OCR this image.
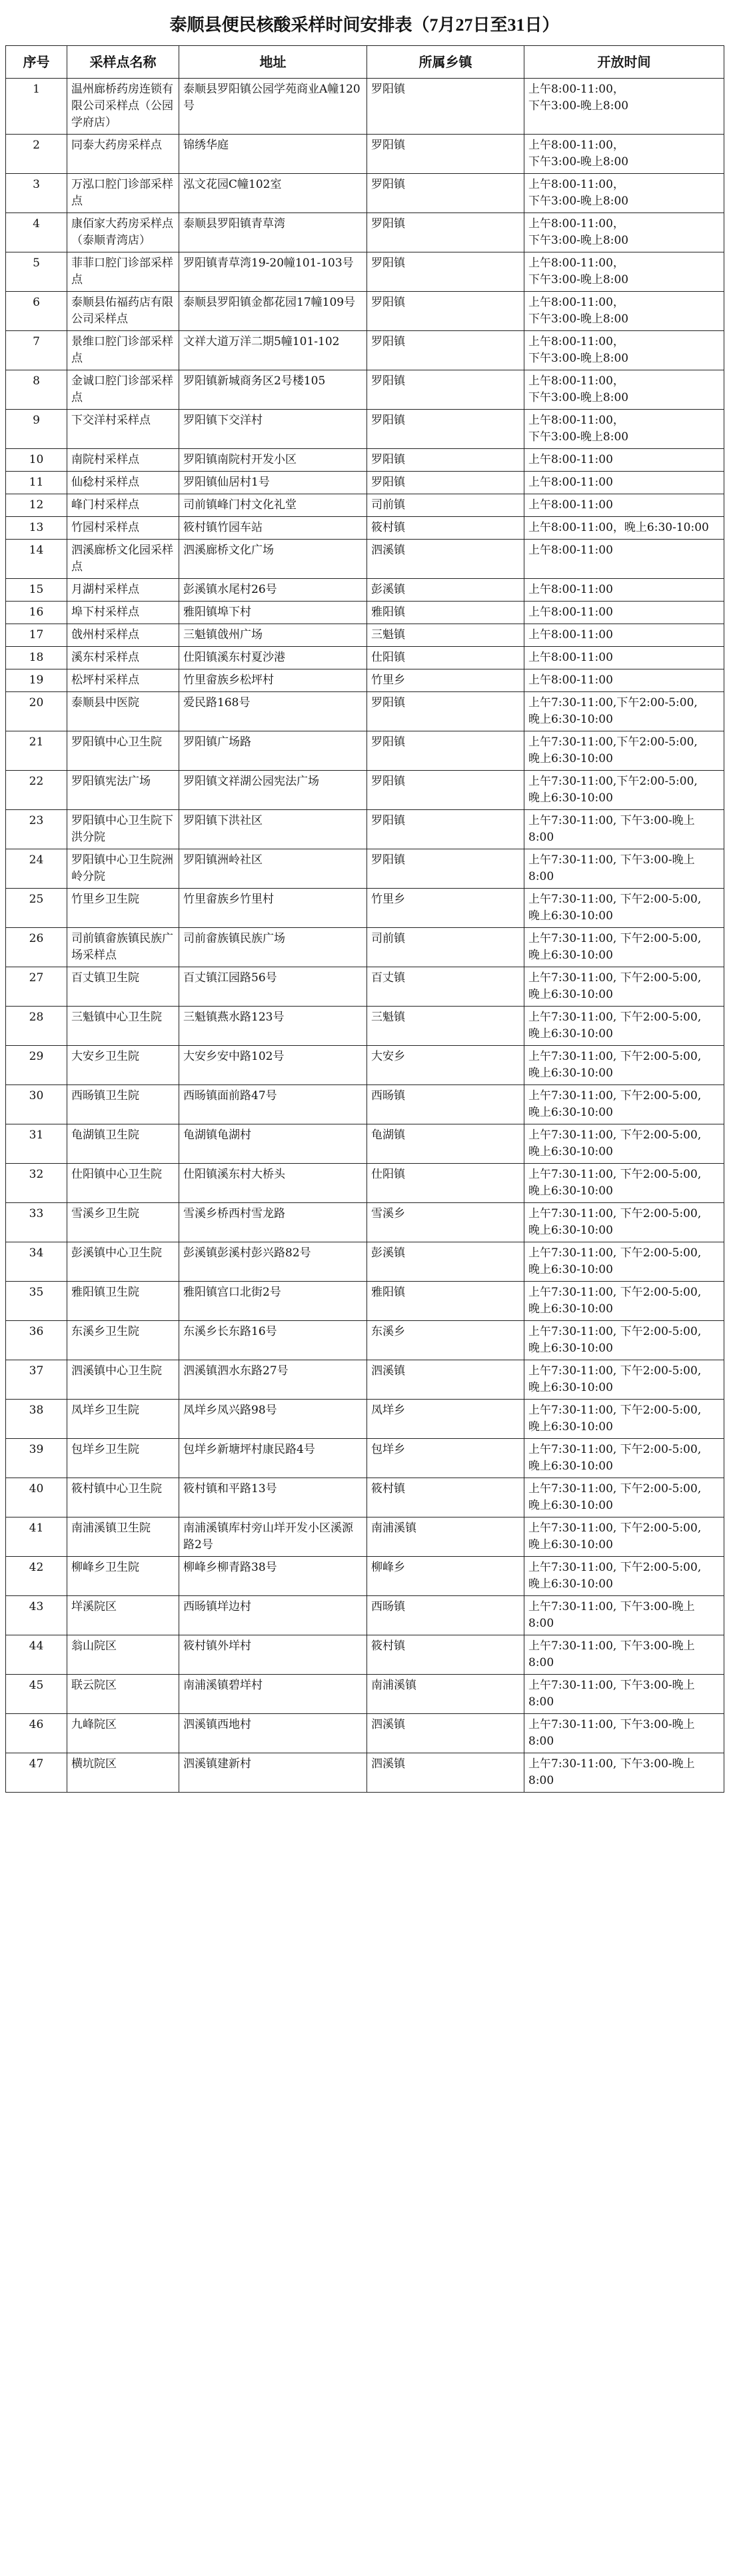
泰顺县便民核酸采样时间安排表（7月27日至31日）
序号	采样点名称	地址	所属乡镇	开放时间
1	温州廊桥药房连锁有限公司采样点（公园学府店）	泰顺县罗阳镇公园学苑商业A幢120号	罗阳镇	上午8:00-11:00，
下午3:00-晚上8:00
2	同泰大药房采样点	锦绣华庭	罗阳镇	上午8:00-11:00，
下午3:00-晚上8:00
3	万泓口腔门诊部采样点	泓文花园C幢102室	罗阳镇	上午8:00-11:00，
下午3:00-晚上8:00
4	康佰家大药房采样点（泰顺青湾店）	泰顺县罗阳镇青草湾	罗阳镇	上午8:00-11:00，
下午3:00-晚上8:00
5	菲菲口腔门诊部采样点	罗阳镇青草湾19-20幢101-103号	罗阳镇	上午8:00-11:00，
下午3:00-晚上8:00
6	泰顺县佑福药店有限公司采样点	泰顺县罗阳镇金都花园17幢109号	罗阳镇	上午8:00-11:00，
下午3:00-晚上8:00
7	景维口腔门诊部采样点	文祥大道万洋二期5幢101-102	罗阳镇	上午8:00-11:00，
下午3:00-晚上8:00
8	金诚口腔门诊部采样点	罗阳镇新城商务区2号楼105	罗阳镇	上午8:00-11:00，
下午3:00-晚上8:00
9	下交洋村采样点	罗阳镇下交洋村	罗阳镇	上午8:00-11:00，
下午3:00-晚上8:00
10	南院村采样点	罗阳镇南院村开发小区	罗阳镇	上午8:00-11:00
11	仙稔村采样点	罗阳镇仙居村1号	罗阳镇	上午8:00-11:00
12	峰门村采样点	司前镇峰门村文化礼堂	司前镇	上午8:00-11:00
13	竹园村采样点	筱村镇竹园车站	筱村镇	上午8:00-11:00，晚上6:30-10:00
14	泗溪廊桥文化园采样点	泗溪廊桥文化广场	泗溪镇	上午8:00-11:00
15	月湖村采样点	彭溪镇水尾村26号	彭溪镇	上午8:00-11:00
16	埠下村采样点	雅阳镇埠下村	雅阳镇	上午8:00-11:00
17	戗州村采样点	三魁镇戗州广场	三魁镇	上午8:00-11:00
18	溪东村采样点	仕阳镇溪东村夏沙港	仕阳镇	上午8:00-11:00
19	松坪村采样点	竹里畲族乡松坪村	竹里乡	上午8:00-11:00
20	泰顺县中医院	爱民路168号	罗阳镇	上午7:30-11:00,下午2:00-5:00,
晚上6:30-10:00
21	罗阳镇中心卫生院	罗阳镇广场路	罗阳镇	上午7:30-11:00,下午2:00-5:00,
晚上6:30-10:00
22	罗阳镇宪法广场	罗阳镇文祥湖公园宪法广场	罗阳镇	上午7:30-11:00,下午2:00-5:00,
晚上6:30-10:00
23	罗阳镇中心卫生院下洪分院	罗阳镇下洪社区	罗阳镇	上午7:30-11:00, 下午3:00-晚上8:00
24	罗阳镇中心卫生院洲岭分院	罗阳镇洲岭社区	罗阳镇	上午7:30-11:00, 下午3:00-晚上8:00
25	竹里乡卫生院	竹里畲族乡竹里村	竹里乡	上午7:30-11:00, 下午2:00-5:00,
晚上6:30-10:00
26	司前镇畲族镇民族广场采样点	司前畲族镇民族广场	司前镇	上午7:30-11:00, 下午2:00-5:00,
晚上6:30-10:00
27	百丈镇卫生院	百丈镇江园路56号	百丈镇	上午7:30-11:00, 下午2:00-5:00,
晚上6:30-10:00
28	三魁镇中心卫生院	三魁镇燕水路123号	三魁镇	上午7:30-11:00, 下午2:00-5:00,
晚上6:30-10:00
29	大安乡卫生院	大安乡安中路102号	大安乡	上午7:30-11:00, 下午2:00-5:00,
晚上6:30-10:00
30	西旸镇卫生院	西旸镇面前路47号	西旸镇	上午7:30-11:00, 下午2:00-5:00,
晚上6:30-10:00
31	龟湖镇卫生院	龟湖镇龟湖村	龟湖镇	上午7:30-11:00, 下午2:00-5:00,
晚上6:30-10:00
32	仕阳镇中心卫生院	仕阳镇溪东村大桥头	仕阳镇	上午7:30-11:00, 下午2:00-5:00,
晚上6:30-10:00
33	雪溪乡卫生院	雪溪乡桥西村雪龙路	雪溪乡	上午7:30-11:00, 下午2:00-5:00,
晚上6:30-10:00
34	彭溪镇中心卫生院	彭溪镇彭溪村彭兴路82号	彭溪镇	上午7:30-11:00, 下午2:00-5:00,
晚上6:30-10:00
35	雅阳镇卫生院	雅阳镇宫口北街2号	雅阳镇	上午7:30-11:00, 下午2:00-5:00,
晚上6:30-10:00
36	东溪乡卫生院	东溪乡长东路16号	东溪乡	上午7:30-11:00, 下午2:00-5:00,
晚上6:30-10:00
37	泗溪镇中心卫生院	泗溪镇泗水东路27号	泗溪镇	上午7:30-11:00, 下午2:00-5:00,
晚上6:30-10:00
38	凤垟乡卫生院	凤垟乡凤兴路98号	凤垟乡	上午7:30-11:00, 下午2:00-5:00,
晚上6:30-10:00
39	包垟乡卫生院	包垟乡新塘坪村康民路4号	包垟乡	上午7:30-11:00, 下午2:00-5:00,
晚上6:30-10:00
40	筱村镇中心卫生院	筱村镇和平路13号	筱村镇	上午7:30-11:00, 下午2:00-5:00,
晚上6:30-10:00
41	南浦溪镇卫生院	南浦溪镇库村旁山垟开发小区溪源路2号	南浦溪镇	上午7:30-11:00, 下午2:00-5:00,
晚上6:30-10:00
42	柳峰乡卫生院	柳峰乡柳青路38号	柳峰乡	上午7:30-11:00, 下午2:00-5:00,
晚上6:30-10:00
43	垟溪院区	西旸镇垟边村	西旸镇	上午7:30-11:00, 下午3:00-晚上8:00
44	翁山院区	筱村镇外垟村	筱村镇	上午7:30-11:00, 下午3:00-晚上8:00
45	联云院区	南浦溪镇碧垟村	南浦溪镇	上午7:30-11:00, 下午3:00-晚上8:00
46	九峰院区	泗溪镇西地村	泗溪镇	上午7:30-11:00, 下午3:00-晚上8:00
47	横坑院区	泗溪镇建新村	泗溪镇	上午7:30-11:00, 下午3:00-晚上8:00
